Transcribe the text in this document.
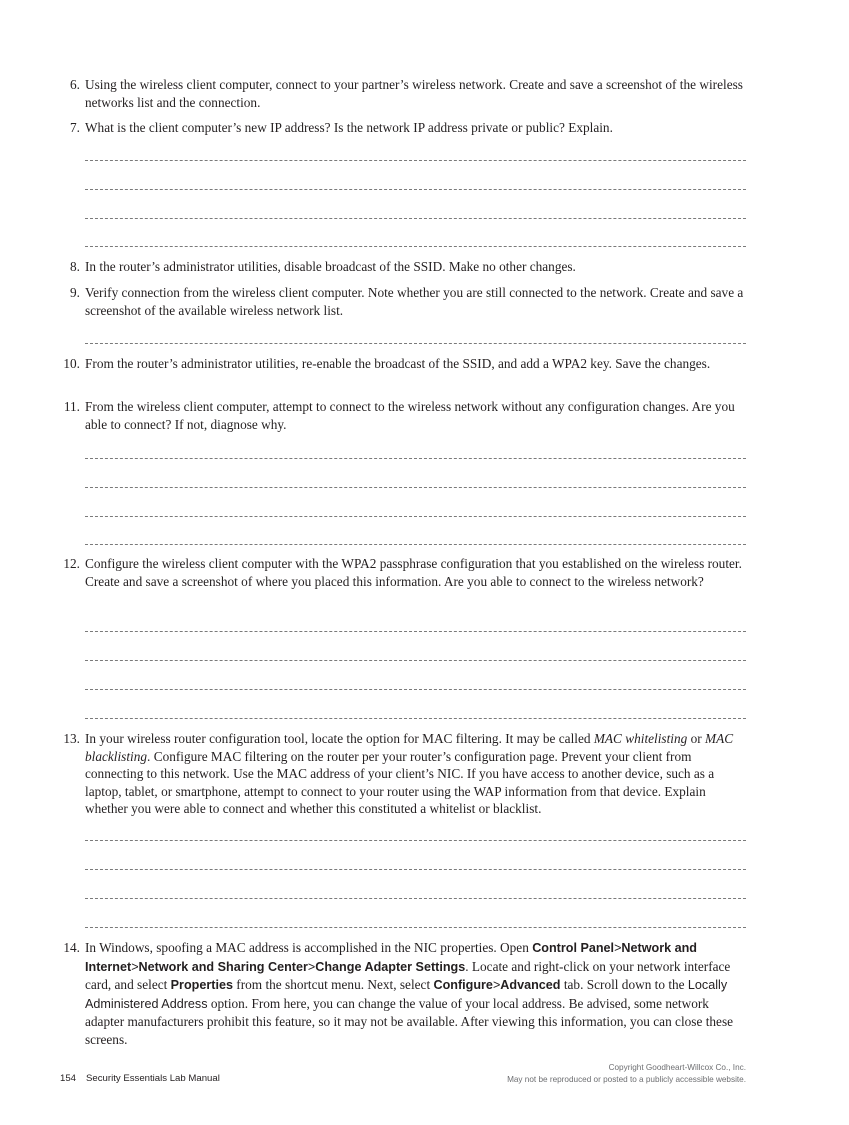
6. Using the wireless client computer, connect to your partner’s wireless network. Create and save a screenshot of the wireless networks list and the connection.
7. What is the client computer’s new IP address? Is the network IP address private or public? Explain.
8. In the router’s administrator utilities, disable broadcast of the SSID. Make no other changes.
9. Verify connection from the wireless client computer. Note whether you are still connected to the network. Create and save a screenshot of the available wireless network list.
10. From the router’s administrator utilities, re-enable the broadcast of the SSID, and add a WPA2 key. Save the changes.
11. From the wireless client computer, attempt to connect to the wireless network without any configuration changes. Are you able to connect? If not, diagnose why.
12. Configure the wireless client computer with the WPA2 passphrase configuration that you established on the wireless router. Create and save a screenshot of where you placed this information. Are you able to connect to the wireless network?
13. In your wireless router configuration tool, locate the option for MAC filtering. It may be called MAC whitelisting or MAC blacklisting. Configure MAC filtering on the router per your router’s configuration page. Prevent your client from connecting to this network. Use the MAC address of your client’s NIC. If you have access to another device, such as a laptop, tablet, or smartphone, attempt to connect to your router using the WAP information from that device. Explain whether you were able to connect and whether this constituted a whitelist or blacklist.
14. In Windows, spoofing a MAC address is accomplished in the NIC properties. Open Control Panel>Network and Internet>Network and Sharing Center>Change Adapter Settings. Locate and right-click on your network interface card, and select Properties from the shortcut menu. Next, select Configure>Advanced tab. Scroll down to the Locally Administered Address option. From here, you can change the value of your local address. Be advised, some network adapter manufacturers prohibit this feature, so it may not be available. After viewing this information, you can close these screens.
154 Security Essentials Lab Manual
Copyright Goodheart-Willcox Co., Inc.
May not be reproduced or posted to a publicly accessible website.
